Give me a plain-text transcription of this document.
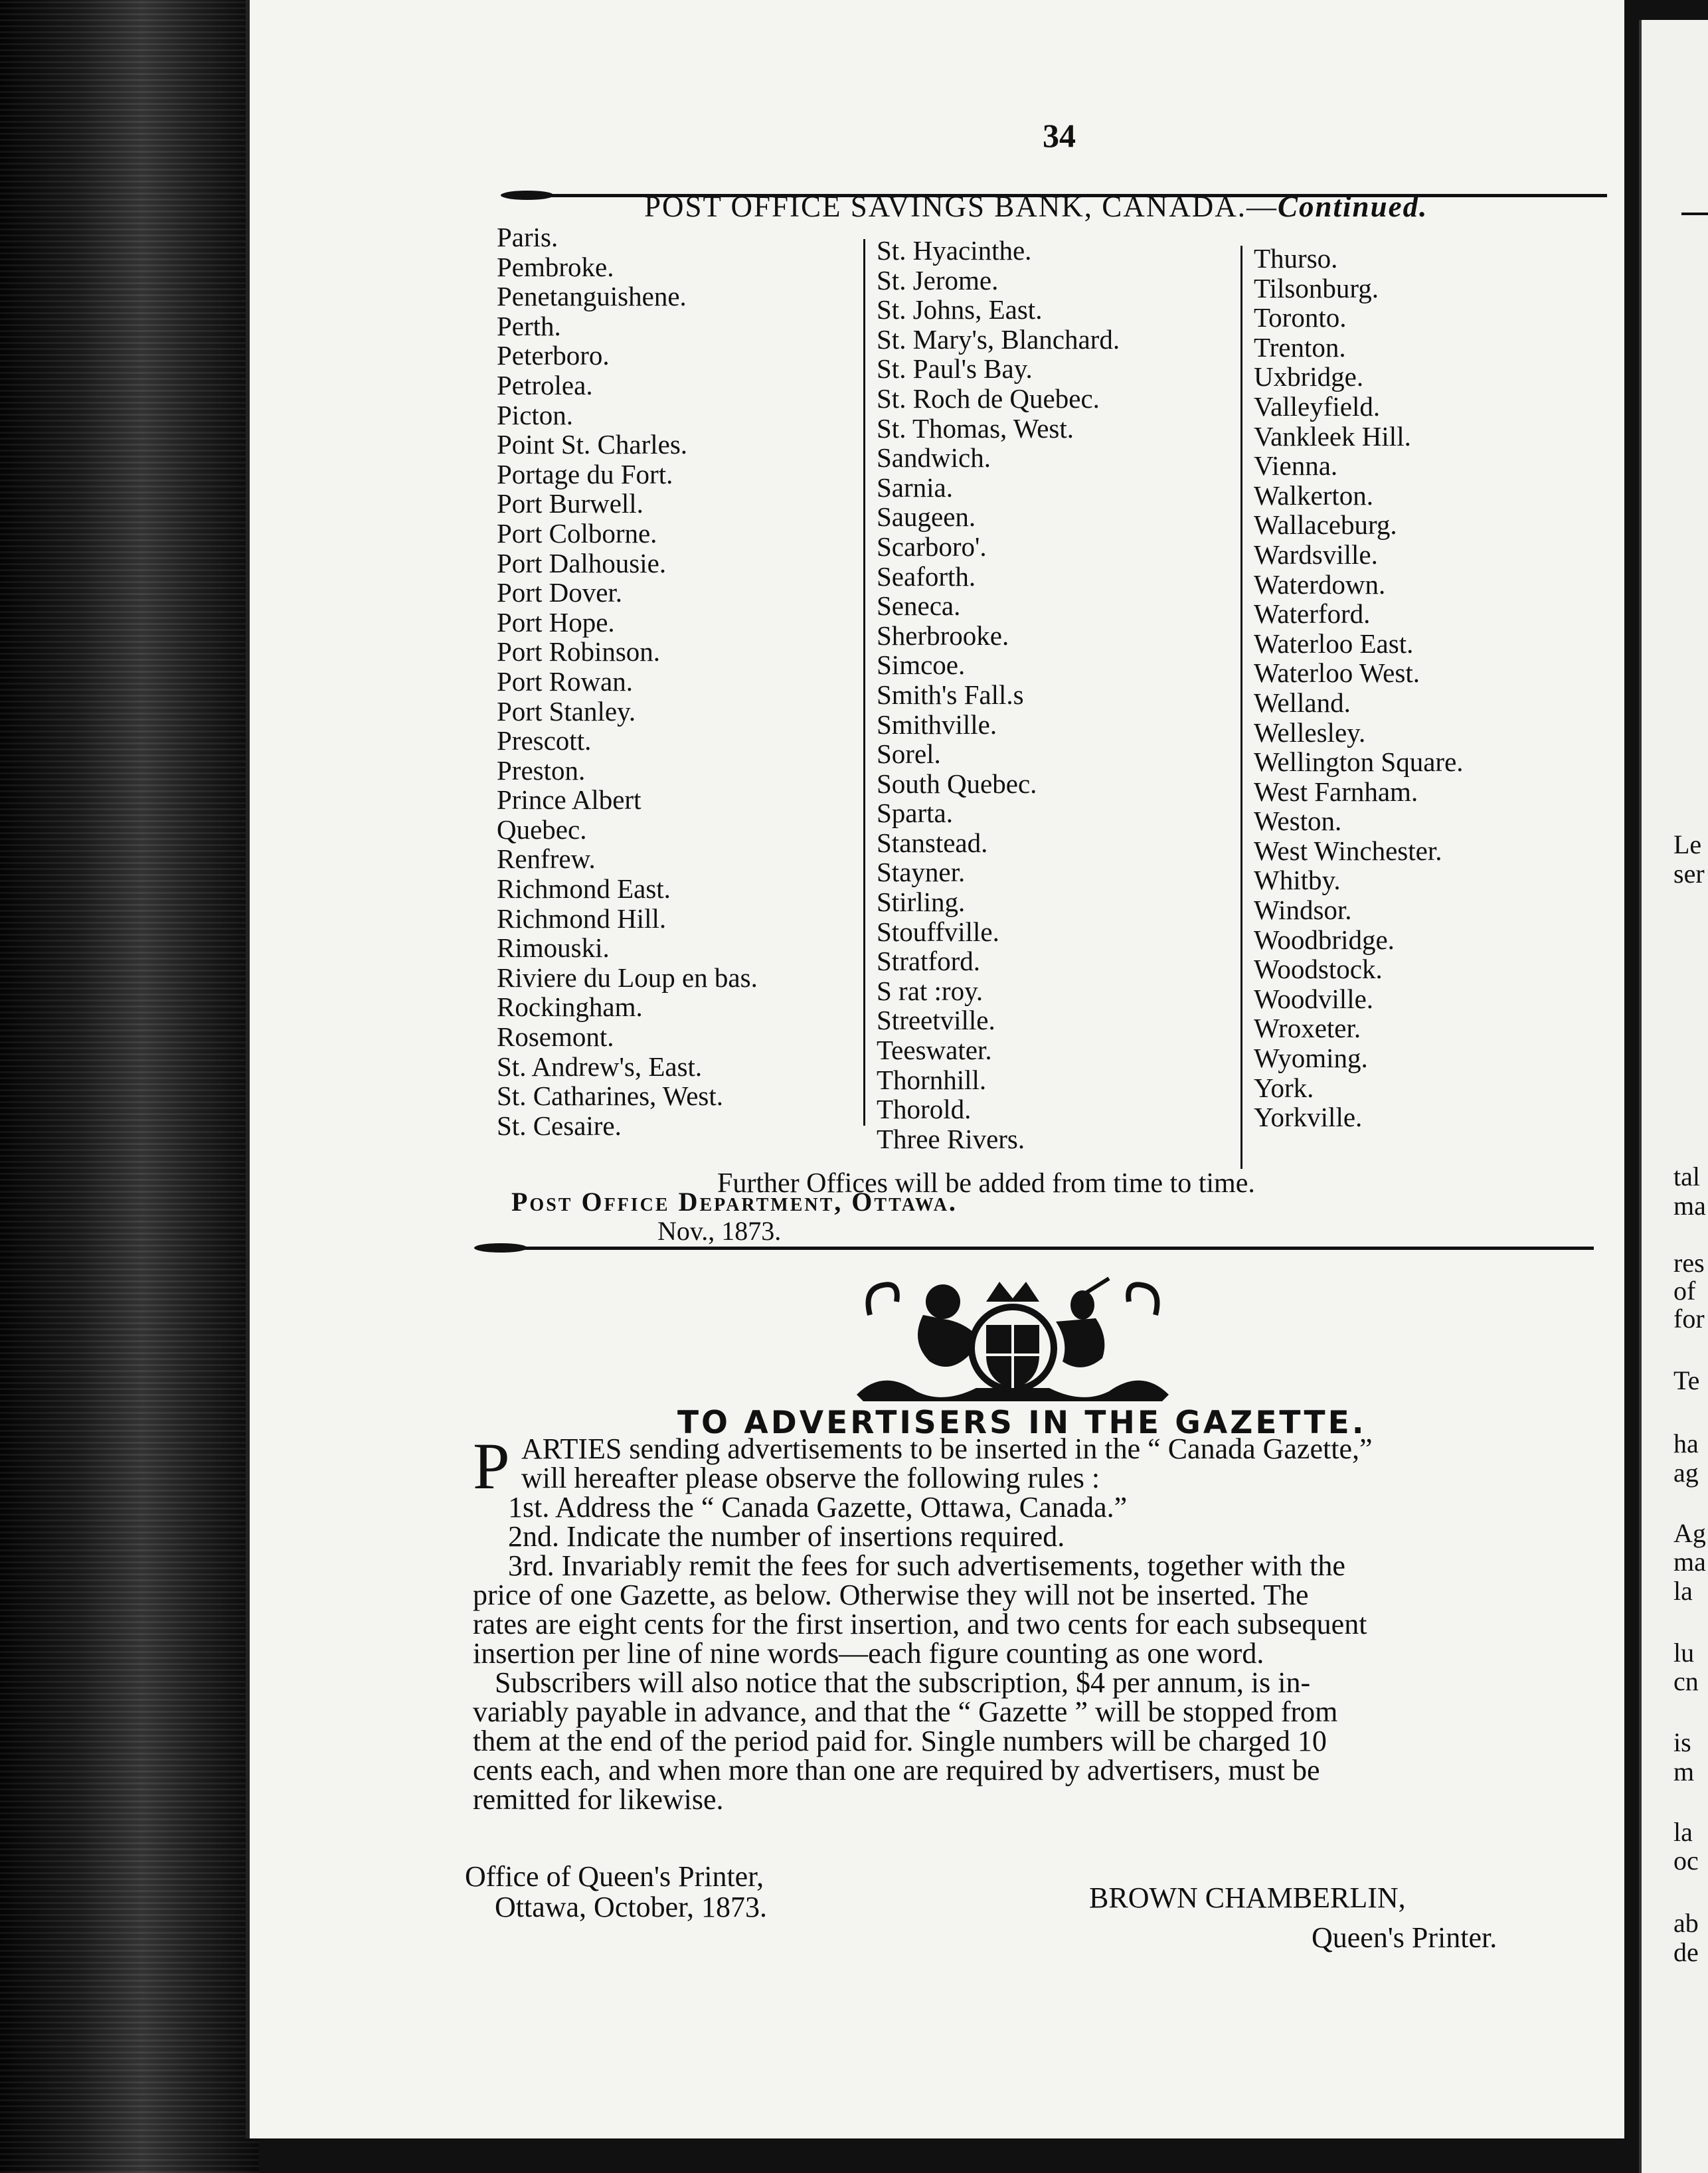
Le
ser
tal
ma
res
of
for
Te
ha
ag
Ag
ma
la
lu
cn
is
m
la
oc
ab
de
34
POST OFFICE SAVINGS BANK, CANADA.—Continued.
Paris.
Pembroke.
Penetanguishene.
Perth.
Peterboro.
Petrolea.
Picton.
Point St. Charles.
Portage du Fort.
Port Burwell.
Port Colborne.
Port Dalhousie.
Port Dover.
Port Hope.
Port Robinson.
Port Rowan.
Port Stanley.
Prescott.
Preston.
Prince Albert
Quebec.
Renfrew.
Richmond East.
Richmond Hill.
Rimouski.
Riviere du Loup en bas.
Rockingham.
Rosemont.
St. Andrew's, East.
St. Catharines, West.
St. Cesaire.
St. Hyacinthe.
St. Jerome.
St. Johns, East.
St. Mary's, Blanchard.
St. Paul's Bay.
St. Roch de Quebec.
St. Thomas, West.
Sandwich.
Sarnia.
Saugeen.
Scarboro'.
Seaforth.
Seneca.
Sherbrooke.
Simcoe.
Smith's Fall.s
Smithville.
Sorel.
South Quebec.
Sparta.
Stanstead.
Stayner.
Stirling.
Stouffville.
Stratford.
S rat :roy.
Streetville.
Teeswater.
Thornhill.
Thorold.
Three Rivers.
Thurso.
Tilsonburg.
Toronto.
Trenton.
Uxbridge.
Valleyfield.
Vankleek Hill.
Vienna.
Walkerton.
Wallaceburg.
Wardsville.
Waterdown.
Waterford.
Waterloo East.
Waterloo West.
Welland.
Wellesley.
Wellington Square.
West Farnham.
Weston.
West Winchester.
Whitby.
Windsor.
Woodbridge.
Woodstock.
Woodville.
Wroxeter.
Wyoming.
York.
Yorkville.
Further Offices will be added from time to time.
Post Office Department, Ottawa.
Nov., 1873.
TO ADVERTISERS IN THE GAZETTE.
P ARTIES sending advertisements to be inserted in the “ Canada Gazette,”
will hereafter please observe the following rules :
1st. Address the “ Canada Gazette, Ottawa, Canada.”
2nd. Indicate the number of insertions required.
3rd. Invariably remit the fees for such advertisements, together with the
price of one Gazette, as below. Otherwise they will not be inserted. The
rates are eight cents for the first insertion, and two cents for each subsequent
insertion per line of nine words—each figure counting as one word.
Subscribers will also notice that the subscription, $4 per annum, is in-
variably payable in advance, and that the “ Gazette ” will be stopped from
them at the end of the period paid for. Single numbers will be charged 10
cents each, and when more than one are required by advertisers, must be
remitted for likewise.
Office of Queen's Printer,
Ottawa, October, 1873.	BROWN CHAMBERLIN,
Queen's Printer.
